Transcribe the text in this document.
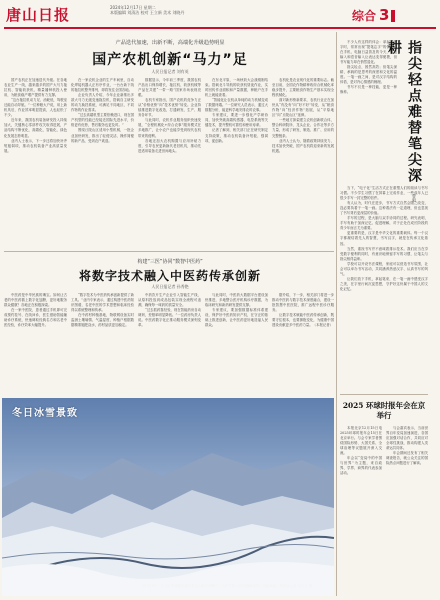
唐山日报	2024年12月17日 星期二
本版编辑 刘清洁 校对 王立新 美术 刘晓丹	综合 3
产品迭代加速，出新不断，高端化升级趋势明显
国产农机创新“马力”足
人民日报记者 刘有英

国产农机正在加速迭代升级。在各地农业生产一线，越来越多的国产大马力拖拉机、智能收获机、精量播种机投入使用，为粮食稳产增产提供有力支撑。

“这台拖拉机动力足、油耗低，驾驶室还能自动导航。”一位种粮大户说，用上新机具后，作业效率明显提高，人也轻松了不少。

近年来，我国农机装备研发投入持续加大，关键核心零部件攻关取得进展，产品结构不断优化，高端化、智能化、绿色化发展态势明显。

业内人士表示，下一步还将加快补齐短板弱项，推动农机装备产业高质量发展。

在一家农机企业的生产车间里，自动化焊接机器人正有序作业，一台台新下线的拖拉机整齐排列，即将发往全国各地。

企业负责人介绍，今年企业新推出多款大马力无级变速拖拉机，搭载自主研发的动力换挡系统，可满足不同地区、不同作物的作业需求。

“过去高端机型主要依赖进口，现在国产机型的性能已经接近国际先进水平，价格更有优势，售后服务也更及时。”

围绕丘陵山区适用小型机械，一批企业加快研发，推出了轻便灵活、操作简便的新产品，受到农户欢迎。

数据显示，今年前三季度，我国农机产品出口保持增长，拖拉机、收获机械等产品在共建“一带一路”国家市场表现亮眼。

农机专家指出，国产农机的竞争力正从“价格优势”向“技术优势”转变。企业持续推进数字化改造，打通研发、生产、服务各环节。

与此同时，农机作业服务组织快速发展，“全程机械化+综合农事”服务模式在多地推广，让小农户也能享受到现代农机带来的便利。

各地还加大农机购置与应用补贴力度，引导农民更新换代老旧机具，推动先进适用装备走进田间地头。

在东北平原，一场秋收大会战刚刚结束。搭载北斗导航的收获机昼夜作业，实时回传作业面积和产量数据，种粮户在手机上就能查看。

“智能化让农机从单纯的动力机械变成了数据终端。”一位研究人员表示，通过大数据分析，能更科学地安排农时农事。

专家建议，要进一步强化产学研协同，加快突破高端传感器、电控系统等关键技术，提升整机可靠性和使用寿命。

记者了解到，相关部门正在研究制定支持政策，推动农机装备补短板、强弱项、促创新。

农机化是农业现代化的重要标志。截至目前，全国农作物耕种收综合机械化率稳步提升，主要粮食作物生产基本实现全程机械化。

面对新形势新要求，农机行业正在加快从“有没有”向“好不好”转变，从“粮食作物”向“经济作物”拓展，从“平原地区”向“丘陵山区”延伸。

一些地方探索建立农机创新联合体，整合科研院所、龙头企业、合作社等多方力量，形成了研发、制造、推广、应用的完整链条。

业内人士认为，随着政策持续发力、技术加快突破，国产农机将迎来新的发展机遇。

构建“三医”协同“数智中医药”
将数字技术融入中医药传承创新
人民日报记者 孙秀艳

中医药是中华民族的瑰宝。如何让古老的中医药插上数字化翅膀，更好地服务群众健康？各地正在积极探索。

在一家中医院，患者通过手机即可完成预约挂号、在线问诊，医生借助智能辅助诊疗系统，快速调取经典名方和名老中医经验，诊疗效率大幅提升。

“数字技术为中医药传承创新提供了新工具。”业内专家表示，通过构建中医药知识图谱，名老中医的学术思想和临床经验得以系统整理和传承。

在中药材种植基地，物联网设备实时监测土壤墒情、气温湿度，种植户根据数据精准施肥浇水，药材品质更加稳定。

中药饮片生产企业引入智能生产线，从原料投放到成品包装实现全流程可追溯，确保每一味药的质量安全。

“过去抓药靠经验，现在智能药房自动调剂，差错率明显降低。”一位药房负责人说。中医药数字化正推动服务模式深刻变革。

与此同时，中医药大数据平台建设加快推进，多地整合医疗机构诊疗数据，为临床研究和新药研发提供支撑。

专家建议，要加强数据标准体系建设，保护好中医药知识产权，在守正的基础上推进创新，让中医药更好地造福人民群众。

据介绍，下一步，相关部门将进一步推动中医药与数字技术深度融合，建设一批智慧中医医院，推广远程中医诊疗服务。

让数字技术赋能中医药传承创新，既要守住根本，也要拥抱变化，为健康中国建设贡献更多中医药力量。（本报记者）

不少人有这样的体会：拿起笔写字时，常常出现“提笔忘字”的情况。在手机、电脑日益普及的今天，键盘输入和语音输入让表达变得便捷，但书写能力却在悄然退化。

指尖轻点，固然高效；但笔尖深耕，承载的是思考的深度和文化的温度。一笔一画之间，是对汉字结构的体悟，是对内心情感的梳理。

书写不仅是一种技能，更是一种修养。	指尖轻点难替笔尖深耕
曹毅

当下，“电子化”生活方式正在重塑人们的阅读与书写习惯。不少学生习惯了在屏幕上完成作业，一些成年人已很少手写一封完整的信件。

有人认为，时代在进步，书写方式自然会随之改变，没必要执着于一笔一画。这种看法有一定道理，但也忽视了书写背后更深层的价值。

手写的过程，是大脑与双手协同的过程。研究表明，手写有助于加深记忆、促进理解，对于正处在成长阶段的青少年而言尤为重要。

更重要的是，汉字是中华文化的重要载体。每一个汉字都凝结着先人的智慧，书写汉字，就是在传承文化基因。

当然，重视书写并不意味着排斥技术。我们应当在享受数字便利的同时，有意识地保留手写的习惯，让笔尖与指尖相得益彰。

学校可以开设书法课程，家庭可以营造书写氛围，社会可以举办书写活动，共同涵养热爱汉字、认真书写的风气。

让我们放下手机，拿起笔来，在一笔一画中感受汉字之美，在字里行间沉淀思想，守护好这份属于中国人的文化记忆。

冬日冰雪景致
12月16日，在河北省承德市滦平县金山岭长城脚下，山峦雪野与长城相映成景，美如画卷。新华社记者 杨世尧 摄
2025 环球时报年会在京举行

本报北京12月15日电 2025环球时报年会15日在北京举行。与会专家学者围绕国际形势、大国关系、全球治理等议题展开深入交流。

年会以“变局中的中国与世界”为主题，来自政界、学界、商界的代表参加活动。

与会嘉宾表示，当前世界百年变局加速演进，各国应加强对话合作，共同应对全球性挑战，推动构建人类命运共同体。

年会期间还发布了相关调查报告，就公众关注的国际热点问题进行了解读。
